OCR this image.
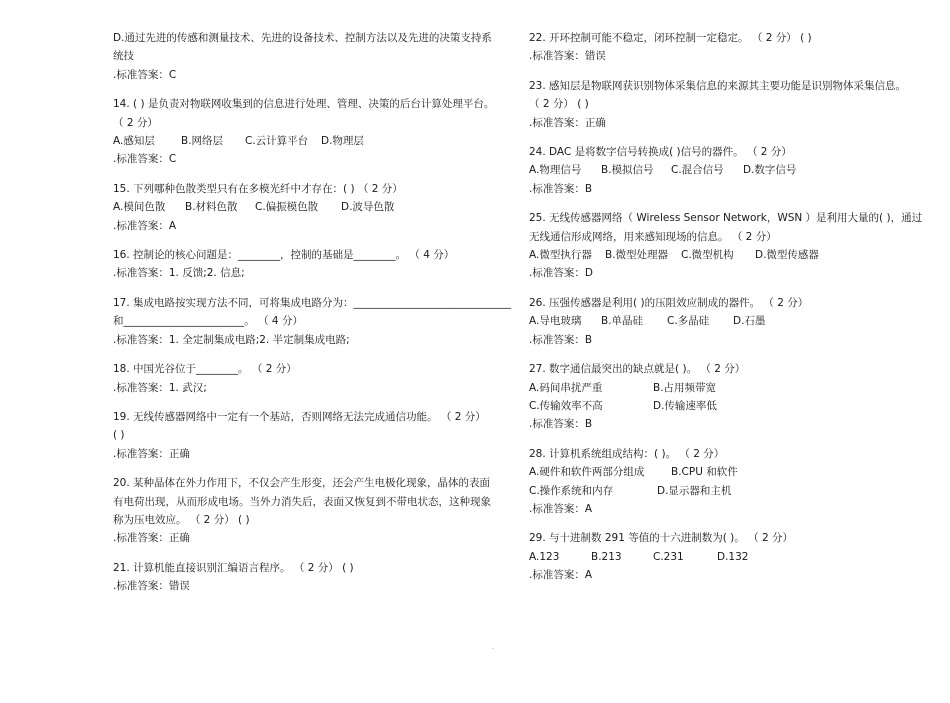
D.通过先进的传感和测量技术、先进的设备技术、控制方法以及先进的决策支持系
统技
.标准答案：C
14. ( ) 是负责对物联网收集到的信息进行处理、管理、决策的后台计算处理平台。
（ 2 分）
A.感知层 B.网络层 C.云计算平台 D.物理层
.标准答案：C
15. 下列哪种色散类型只有在多模光纤中才存在：( ) （ 2 分）
A.模间色散 B.材料色散 C.偏振模色散 D.波导色散
.标准答案：A
16. 控制论的核心问题是：________，控制的基础是________。 （ 4 分）
.标准答案：1. 反馈;2. 信息;
17. 集成电路按实现方法不同，可将集成电路分为：______________________________
和_______________________。 （ 4 分）
.标准答案：1. 全定制集成电路;2. 半定制集成电路;
18. 中国光谷位于________。 （ 2 分）
.标准答案：1. 武汉;
19. 无线传感器网络中一定有一个基站，否则网络无法完成通信功能。 （ 2 分）
( )
.标准答案：正确
20. 某种晶体在外力作用下，不仅会产生形变，还会产生电极化现象，晶体的表面
有电荷出现，从而形成电场。当外力消失后，表面又恢复到不带电状态，这种现象
称为压电效应。 （ 2 分） ( )
.标准答案：正确
21. 计算机能直接识别汇编语言程序。 （ 2 分） ( )
.标准答案：错误
22. 开环控制可能不稳定，闭环控制一定稳定。 （ 2 分） ( )
.标准答案：错误
23. 感知层是物联网获识别物体采集信息的来源其主要功能是识别物体采集信息。
（ 2 分） ( )
.标准答案：正确
24. DAC 是将数字信号转换成( )信号的器件。 （ 2 分）
A.物理信号 B.模拟信号 C.混合信号 D.数字信号
.标准答案：B
25. 无线传感器网络（ Wireless Sensor Network，WSN ）是利用大量的( )，通过
无线通信形成网络，用来感知现场的信息。 （ 2 分）
A.微型执行器 B.微型处理器 C.微型机构 D.微型传感器
.标准答案：D
26. 压强传感器是利用( )的压阻效应制成的器件。 （ 2 分）
A.导电玻璃 B.单晶硅 C.多晶硅 D.石墨
.标准答案：B
27. 数字通信最突出的缺点就是( )。 （ 2 分）
A.码间串扰严重	B.占用频带宽
C.传输效率不高	D.传输速率低
.标准答案：B
28. 计算机系统组成结构：( )。 （ 2 分）
A.硬件和软件两部分组成	B.CPU 和软件
C.操作系统和内存	D.显示器和主机
.标准答案：A
29. 与十进制数 291 等值的十六进制数为( )。 （ 2 分）
A.123	B.213	C.231	D.132
.标准答案：A
.
